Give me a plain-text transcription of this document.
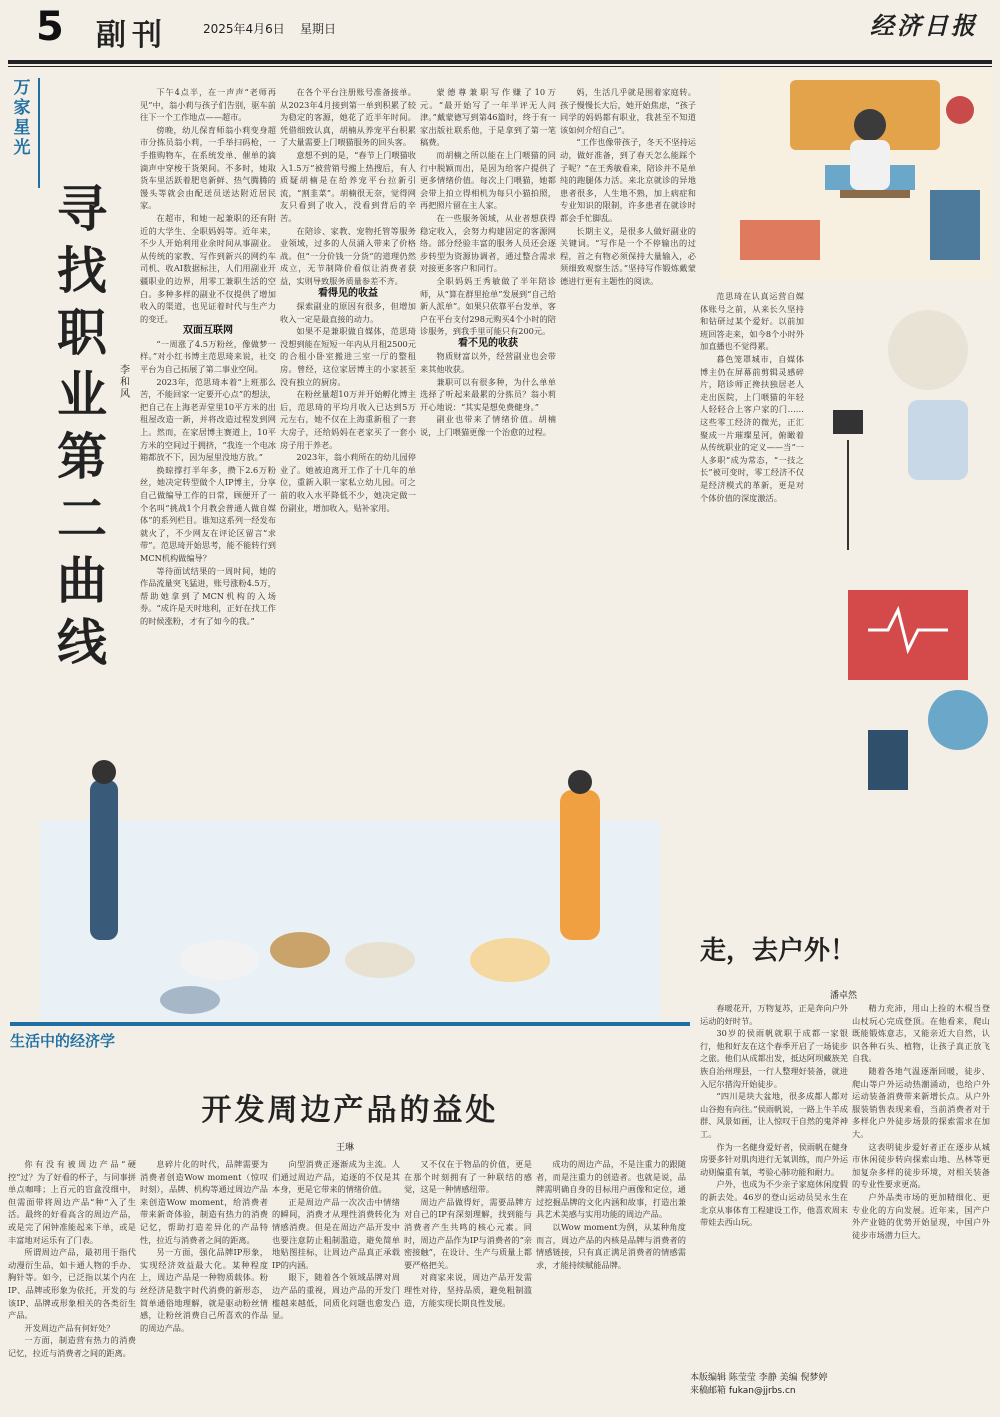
5 副刊	2025年4月6日 星期日	经济日报
万家星光
寻找职业第二曲线
李和风

下午4点半，在一声声“老师再见”中，翁小莉与孩子们告别，驱车前往下一个工作地点——超市。

傍晚，幼儿保育师翁小莉变身超市分拣员翁小莉，一手举扫码枪，一手推购物车，在系统发单、催单的滴滴声中穿梭于货架间。不多时，她取货车里活跃着肥皂新鲜、热气腾腾的馒头等就会由配送员送达附近居民家。

在超市，和她一起兼职的还有附近的大学生、全职妈妈等。近年来，不少人开始利用业余时间从事副业。从传统的家教、写作到新兴的网约车司机、收AI数据标注，人们用副业开疆职业的边界，用零工兼职生活的空白。多种多样的副业不仅提供了增加收入的渠道，也见证着时代与生产力的变迁。

双面互联网

“一周涨了4.5万粉丝，像做梦一样。”对小红书博主范思琦来说，社交平台为自己拓展了第二事业空间。

2023年，范思琦本着“上班那么苦，不能回家一定要开心点”的想法，把自己在上海老弄堂里10平方米的出租屋改造一新，并将改造过程发到网上。然而，在家居博主赛道上，10平方米的空间过于拥挤，“我连一个电冰箱都放不下，因为屋里没地方放。”

换晾撑打半年多，攒下2.6万粉丝，她决定转型做个人IP博主，分享自己做编导工作的日常，顾便开了一个名叫“挑战1个月教会普通人做自媒体”的系列栏目。谁知这系列一经发布就火了，不少网友在评论区留言“求带”。范思琦开始思考，能不能转行到MCN机构做编导？

等待面试结果的一周时间，她的作品流量突飞猛进，账号涨粉4.5万，帮助她拿到了MCN机构的入场券。“成许是天时地利，正好在找工作的时候涨粉，才有了如今的我。”

在各个平台注册账号准备接单。从2023年4月接到第一单到积累了较为稳定的客源，她花了近半年时间。凭借细致认真，胡楠从养宠平台积累了大量需要上门喂猫服务的回头客。

意想不到的是，“春节上门喂猫收入1.5万”被营销号搬上热搜后，有人质疑胡楠是在给养宠平台拉新引流，“割韭菜”。胡楠很无奈，觉得网友只看到了收入，没看到背后的辛苦。

在陪诊、家教、宠物托管等服务业领域，过多的人员涌入带来了价格战。但“一分价钱一分货”的道理仍然成立，无节制降价看似让消费者获益，实则导致服务质量参差不齐。

看得见的收益

探索副业的原因有很多，但增加收入一定是最直接的动力。

如果不是兼职做自媒体，范思琦没想到能在短短一年内从月租2500元的合租小卧室搬进三室一厅的整租房。曾经，这位家居博主的小家甚至没有独立的厨房。

在粉丝量超10万并开始孵化博主后，范思琦的平均月收入已达到5万元左右，她不仅在上海重新租了一套大房子，还给妈妈在老家买了一套小房子用于养老。

2023年，翁小莉所在的幼儿园停业了。她被迫离开工作了十几年的单位，重新入职一家私立幼儿园。可之前的收入水平降低不少，她决定做一份副业，增加收入，贴补家用。

蒙德尊兼职写作赚了10万元。“最开始写了一年半评无人问津。”戴蒙德写到第46篇时，终于有一家出版社联系他，于是拿到了第一笔稿费。

而胡楠之所以能在上门喂猫的同行中脱颖而出，是因为给客户提供了更多情绪价值。每次上门喂猫，她都会带上拍立得相机为每只小猫拍照，再把照片留在主人家。

在一些服务领域，从业者想获得稳定收入，会努力构建固定的客源网络。部分经验丰富的服务人员还会逐步转型为资源协调者，通过整合需求对接更多客户和同行。

全职妈妈王秀敏做了半年陪诊师，从“算在群里抢单”发展到“自己给新人派单”。如果只依靠平台发单，客户在平台支付298元购买4个小时的陪诊服务，到我手里可能只有200元。

看不见的收获

物质财富以外，经营副业也会带来其他收获。

兼职可以有很多种，为什么单单选择了听起来最累的分拣员？翁小莉开心地说：“其实是想免费健身。”

副业也带来了情绪价值。胡楠说，上门喂猫更像一个治愈的过程。

妈，生活几乎就是围着家庭转。孩子慢慢长大后，她开始焦虑，“孩子同学的妈妈都有职业，我甚至不知道该如何介绍自己”。

“工作也像带孩子，冬天不坚持运动，做好准备，到了春天怎么能踩个子呢？”在王秀敏看来，陪诊并不是单纯的跑腿体力活。来北京就诊的异地患者很多，人生地不熟，加上病症和专业知识的限制，许多患者在就诊时都会手忙脚乱。

长期主义，是很多人做好副业的关键词。“写作是一个不停输出的过程，首之有物必须保持大量输入，必须细致观察生活。”坚持写作锻炼戴蒙德进行更有主题性的阅读。

范思琦在认真运营自媒体账号之前，从来长久坚持和钻研过某个爱好。以前加班回答走来，如今8个小时外加直播也不觉得累。

暮色笼罩城市，自媒体博主仍在屏幕前剪辑灵感碎片，陪诊师正搀扶独居老人走出医院，上门喂猫的年轻人轻轻合上客户家的门……这些零工经济的微光，正汇聚成一片璀璨星河，俯瞰着从传统职业的定义——当“一人多职”成为常态，“一技之长”被可变时，零工经济不仅是经济模式的革新，更是对个体价值的深度激活。

走，去户外！
潘卓然

春暖花开，万物复苏，正是奔向户外运动的好时节。

30岁的侯雨帆就职于成都一家银行，他和好友在这个春季开启了一场徒步之旅。他们从成都出发，抵达阿坝藏族羌族自治州理县，一行人整理好装备，就进入尼尔措沟开始徒步。

“四川是块大盆地，很多成都人都对山谷抱有向往。”侯雨帆说，一路上牛羊成群、风景如画，让人惊叹于自然的鬼斧神工。

作为一名健身爱好者，侯雨帆在健身房要多针对肌肉进行无氧训练，而户外运动则偏重有氧，考验心肺功能和耐力。

户外，也成为不少亲子家庭休闲度假的新去处。46岁的登山运动员吴永生在北京从事体育工程建设工作，他喜欢周末带娃去西山玩。

精力充沛，用山上捡的木棍当登山杖玩心完成登顶。在他看来，爬山既能锻炼意志，又能亲近大自然，认识各种石头、植物，让孩子真正放飞自我。

随着各地气温逐渐回暖，徒步、爬山等户外运动热潮涌动，也给户外运动装备消费带来新增长点。从户外服装销售表现来看，当前消费者对于多样化户外徒步场景的探索需求在加大。

这表明徒步爱好者正在逐步从城市休闲徒步转向探索山地、丛林等更加复杂多样的徒步环境，对相关装备的专业性要求更高。

户外品类市场的更加精细化、更专业化的方向发展。近年来，国产户外产业链的优势开始显现，中国户外徒步市场潜力巨大。

生活中的经济学
开发周边产品的益处
王琳

你有没有被周边产品“硬控”过？为了好看的杯子，与同事拼单点咖啡；上百元的盲盒没细中，但需面带将周边产品“种”入了生活。最终的好看高含的周边产品，或是完了闲钟准能起来下单，或是丰富地对运乐有了门表。

所谓周边产品，最初用于指代动漫衍生品，如卡通人物的手办、胸针等。如今，已泛指以某个内在IP、品牌或形象为依托，开发的与该IP、品牌或形象相关的各类衍生产品。

开发周边产品有何好处？

一方面，制造营有热力的消费记忆，拉近与消费者之间的距离。

息碎片化的时代，品牌需要为消费者创造Wow moment（惊叹时刻），品牌、机构等通过周边产品来创造Wow moment，给消费者带来新奇体验，制造有热力的消费记忆，帮助打造差异化的产品特性，拉近与消费者之间的距离。

另一方面，强化品牌IP形象，实现经济效益最大化。某种程度上，周边产品是一种物质载体。粉丝经济是数字时代消费的新形态，简单通俗地理解，就是驱动粉丝情感，让粉丝消费自己所喜欢的作品的周边产品。

向型消费正逐渐成为主流。人们通过周边产品，追逐的不仅是其本身，更是它带来的情绪价值。

正是周边产品一次次击中情绪的瞬间，消费才从理性消费转化为情感消费。但是在周边产品开发中也要注意防止粗制滥造，避免简单地贴图挂标，让周边产品真正承载IP的内涵。

眼下，随着各个领域品牌对周边产品的重视，周边产品的开发门槛越来越低，同质化问题也愈发凸显。

又不仅在于物品的价值，更是在那个时刻拥有了一种联结的感觉，这是一种情感纽带。

周边产品做得好，需要品牌方对自己的IP有深刻理解，找到能与消费者产生共鸣的核心元素。同时，周边产品作为IP与消费者的“亲密接触”，在设计、生产与质量上都要严格把关。

对商家来说，周边产品开发需理性对待，坚持品质，避免粗制滥造，方能实现长期良性发展。

成功的周边产品，不是注重力的跟随者，而是注重力的创造者。也就是说，品牌需明确自身的目标用户画像和定位，通过挖掘品牌的文化内涵和故事，打造出兼具艺术美感与实用功能的周边产品。

以Wow moment为例，从某种角度而言，周边产品的内核是品牌与消费者的情感链接，只有真正满足消费者的情感需求，才能持续赋能品牌。

本版编辑 陈莹莹 李静 美编 倪梦婷
来稿邮箱 fukan@jjrbs.cn
